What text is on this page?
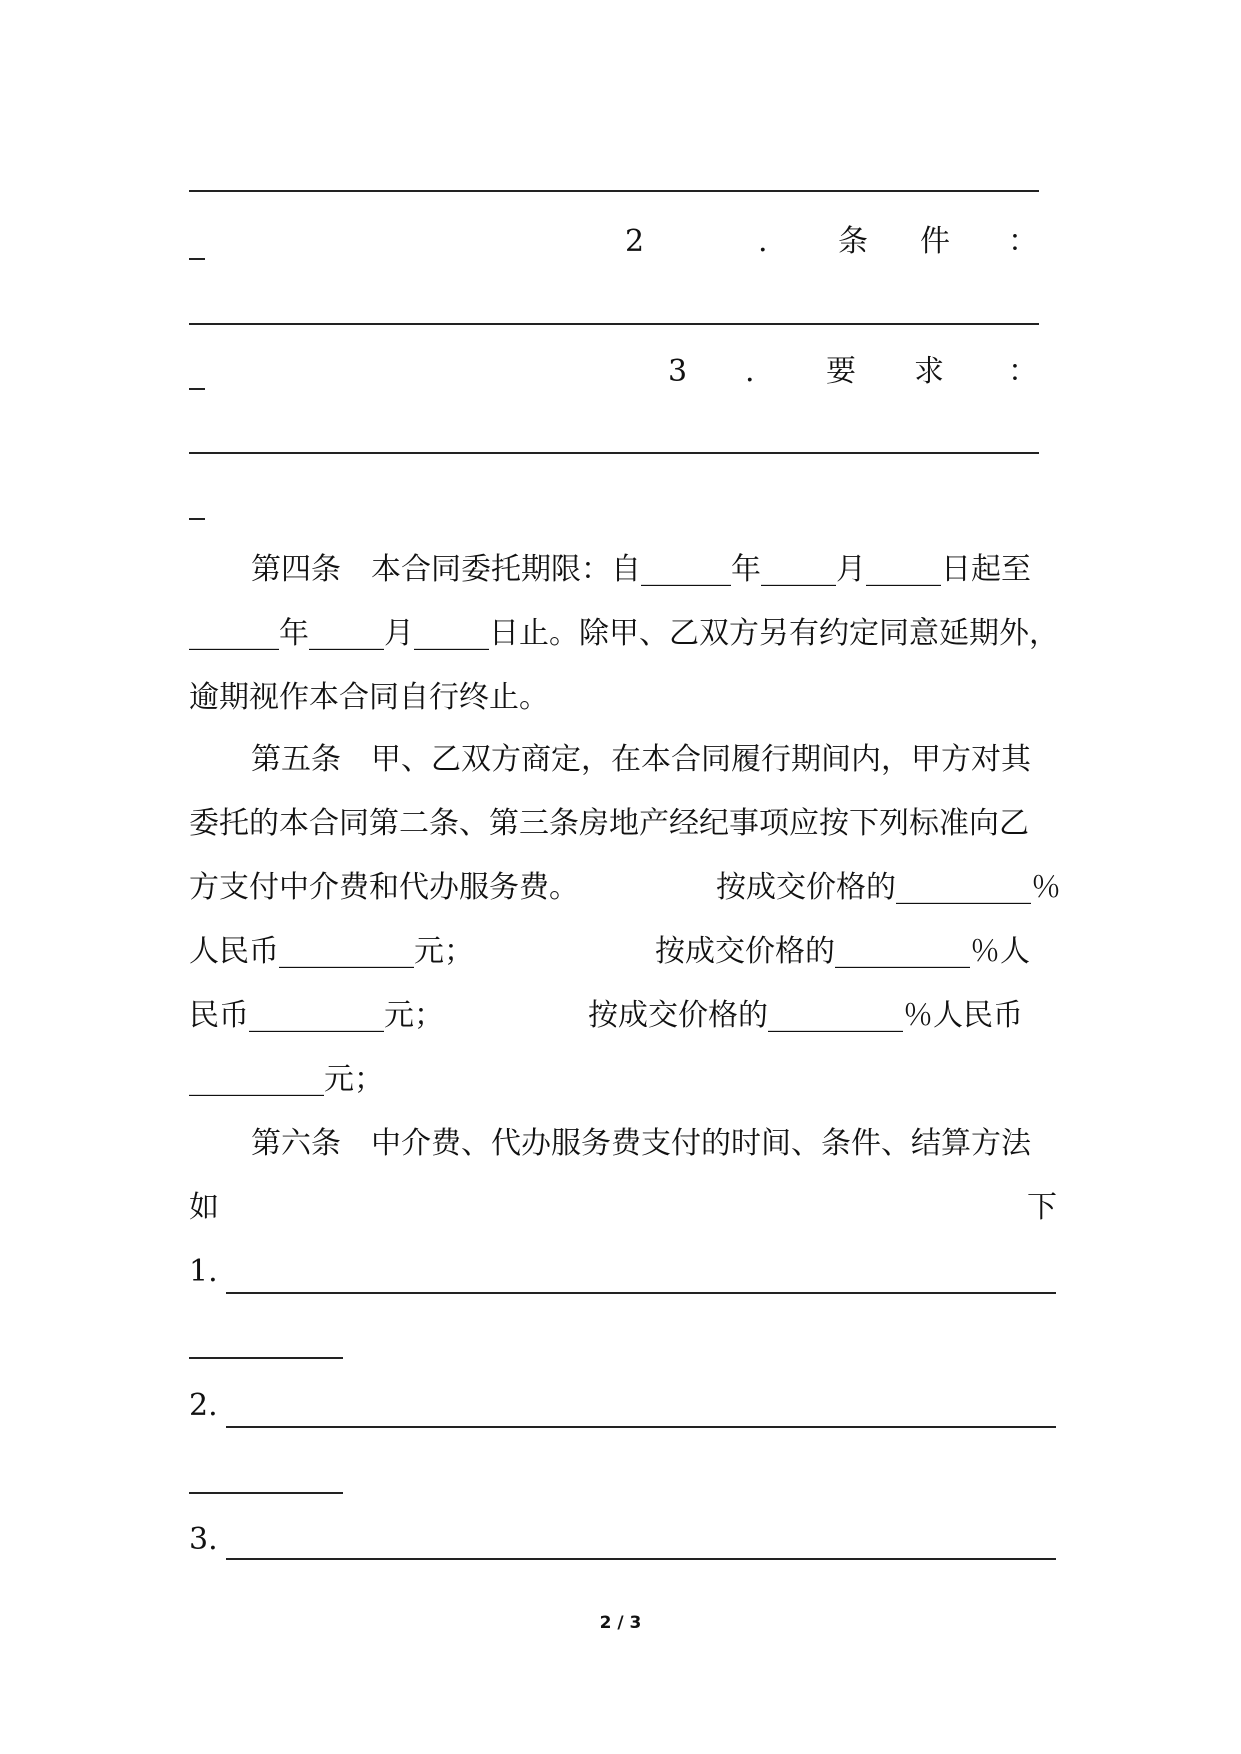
2	. 条 件 ：
3 . 要 求 ：
第四条　本合同委托期限：自______年_____月_____日起至
______年_____月_____日止。除甲、乙双方另有约定同意延期外，
逾期视作本合同自行终止。
第五条　甲、乙双方商定，在本合同履行期间内，甲方对其
委托的本合同第二条、第三条房地产经纪事项应按下列标准向乙
方支付中介费和代办服务费。	按成交价格的_________％
人民币_________元；	按成交价格的_________％人
民币_________元；	按成交价格的_________％人民币
_________元；
第六条　中介费、代办服务费支付的时间、条件、结算方法
如	下
1.
2.
3.
2 / 3
